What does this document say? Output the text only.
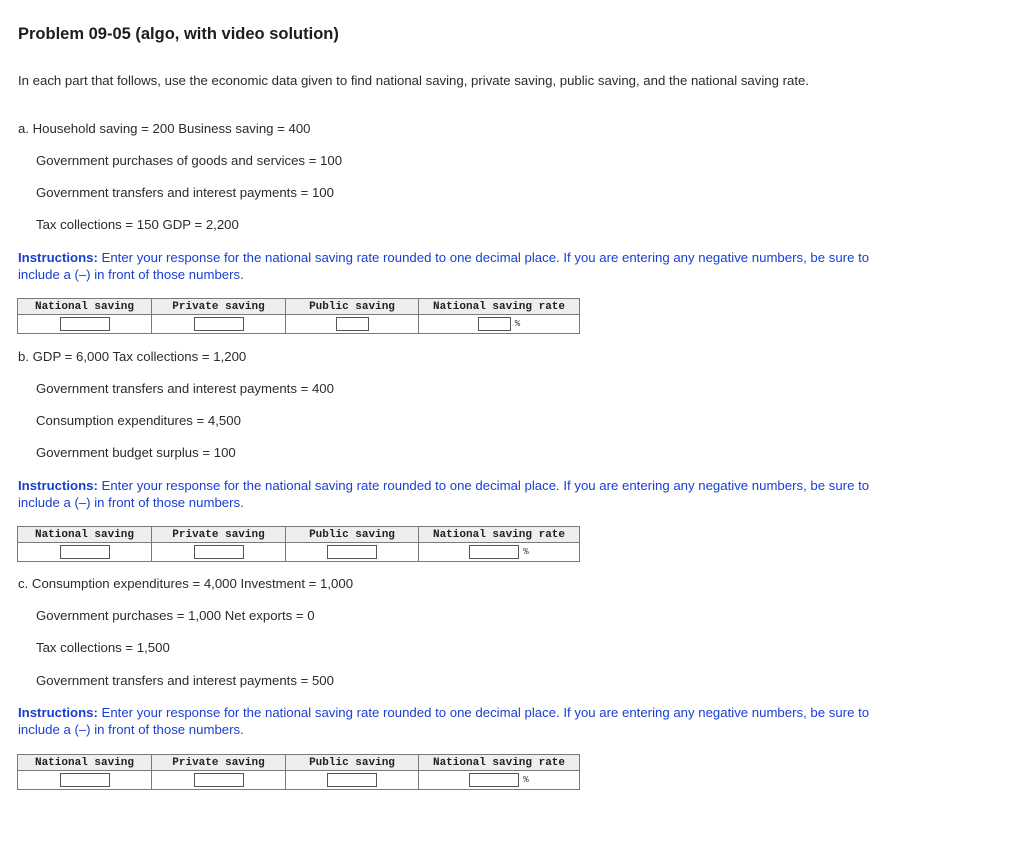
Problem 09-05 (algo, with video solution)

In each part that follows, use the economic data given to find national saving, private saving, public saving, and the national saving rate.

a. Household saving = 200 Business saving = 400
Government purchases of goods and services = 100
Government transfers and interest payments = 100
Tax collections = 150 GDP = 2,200

Instructions: Enter your response for the national saving rate rounded to one decimal place. If you are entering any negative numbers, be sure to include a (–) in front of those numbers.

National saving	Private saving	Public saving	National saving rate
			%
b. GDP = 6,000 Tax collections = 1,200
Government transfers and interest payments = 400
Consumption expenditures = 4,500
Government budget surplus = 100

Instructions: Enter your response for the national saving rate rounded to one decimal place. If you are entering any negative numbers, be sure to include a (–) in front of those numbers.

National saving	Private saving	Public saving	National saving rate
			%
c. Consumption expenditures = 4,000 Investment = 1,000
Government purchases = 1,000 Net exports = 0
Tax collections = 1,500
Government transfers and interest payments = 500

Instructions: Enter your response for the national saving rate rounded to one decimal place. If you are entering any negative numbers, be sure to include a (–) in front of those numbers.

National saving	Private saving	Public saving	National saving rate
			%
